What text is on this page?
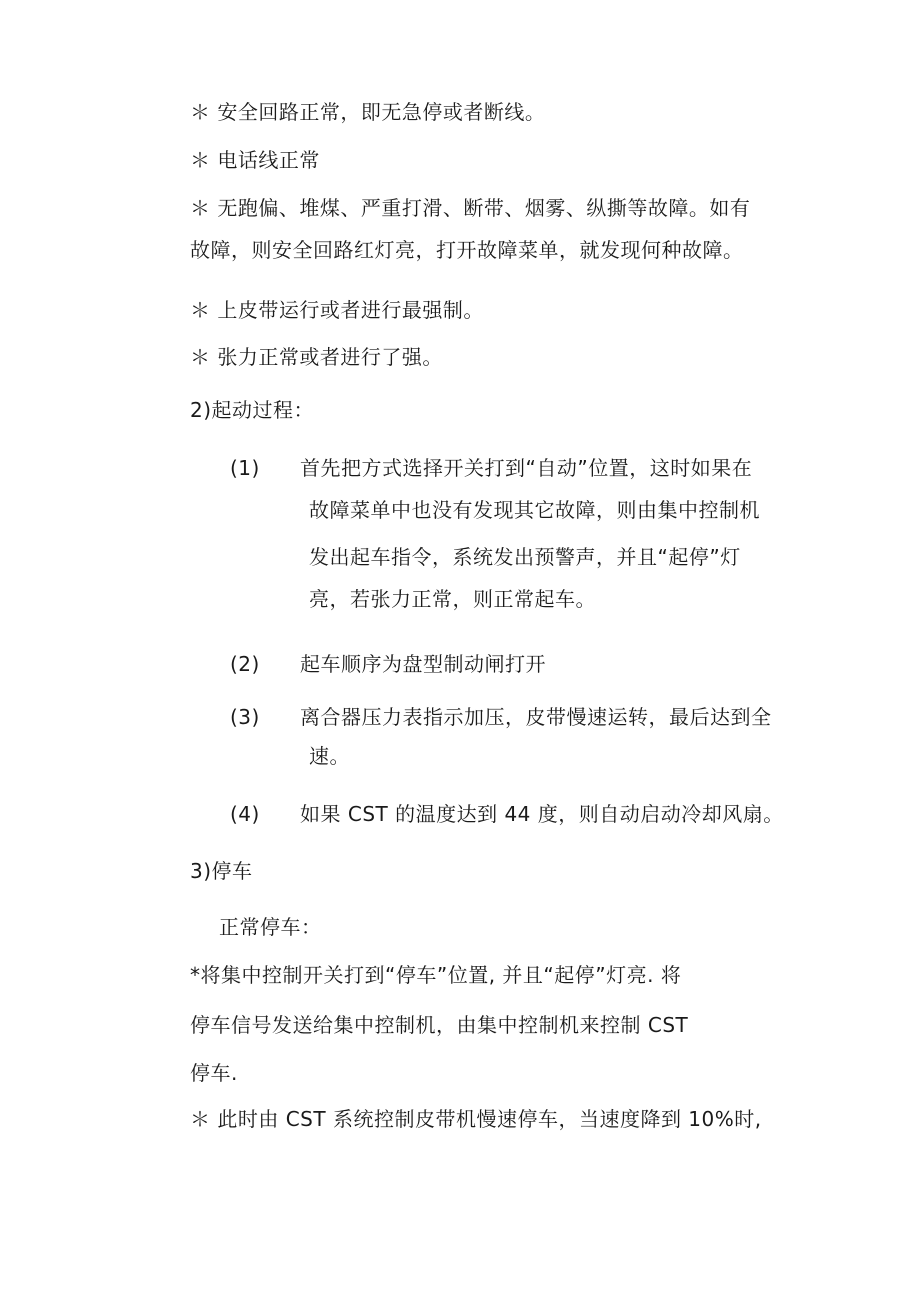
＊ 安全回路正常，即无急停或者断线。
＊ 电话线正常
＊ 无跑偏、堆煤、严重打滑、断带、烟雾、纵撕等故障。如有
故障，则安全回路红灯亮，打开故障菜单，就发现何种故障。
＊ 上皮带运行或者进行最强制。
＊ 张力正常或者进行了强。
2)起动过程：
(1) 首先把方式选择开关打到“自动”位置，这时如果在
故障菜单中也没有发现其它故障，则由集中控制机
发出起车指令，系统发出预警声，并且“起停”灯
亮，若张力正常，则正常起车。
(2) 起车顺序为盘型制动闸打开
(3) 离合器压力表指示加压，皮带慢速运转，最后达到全
速。
(4) 如果 CST 的温度达到 44 度，则自动启动冷却风扇。
3)停车
正常停车：
*将集中控制开关打到“停车”位置, 并且“起停”灯亮. 将
停车信号发送给集中控制机，由集中控制机来控制 CST
停车.
＊ 此时由 CST 系统控制皮带机慢速停车，当速度降到 10%时,
